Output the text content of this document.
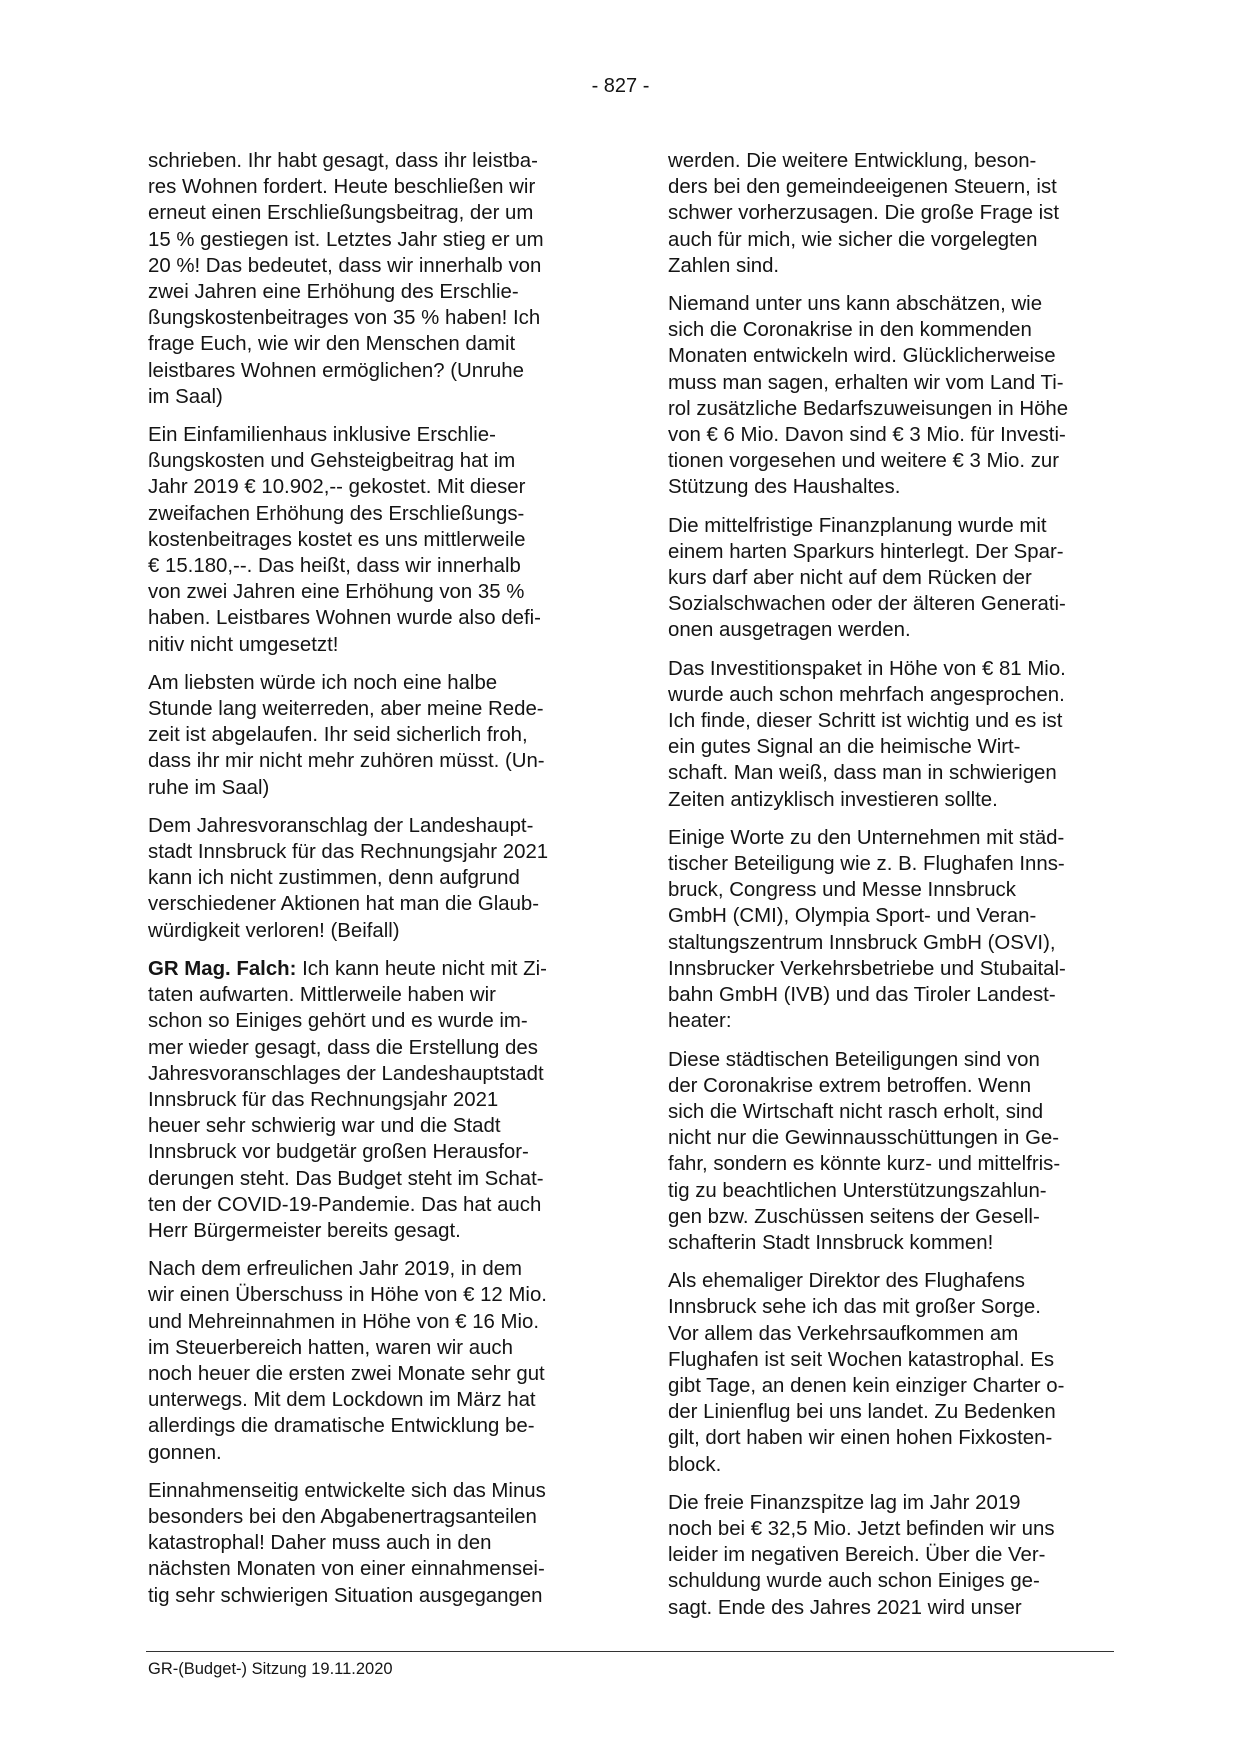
- 827 -

schrieben. Ihr habt gesagt, dass ihr leistba-
res Wohnen fordert. Heute beschließen wir
erneut einen Erschließungsbeitrag, der um
15 % gestiegen ist. Letztes Jahr stieg er um
20 %! Das bedeutet, dass wir innerhalb von
zwei Jahren eine Erhöhung des Erschlie-
ßungskostenbeitrages von 35 % haben! Ich
frage Euch, wie wir den Menschen damit
leistbares Wohnen ermöglichen? (Unruhe
im Saal)

Ein Einfamilienhaus inklusive Erschlie-
ßungskosten und Gehsteigbeitrag hat im
Jahr 2019 € 10.902,-- gekostet. Mit dieser
zweifachen Erhöhung des Erschließungs-
kostenbeitrages kostet es uns mittlerweile
€ 15.180,--. Das heißt, dass wir innerhalb
von zwei Jahren eine Erhöhung von 35 %
haben. Leistbares Wohnen wurde also defi-
nitiv nicht umgesetzt!

Am liebsten würde ich noch eine halbe
Stunde lang weiterreden, aber meine Rede-
zeit ist abgelaufen. Ihr seid sicherlich froh,
dass ihr mir nicht mehr zuhören müsst. (Un-
ruhe im Saal)

Dem Jahresvoranschlag der Landeshaupt-
stadt Innsbruck für das Rechnungsjahr 2021
kann ich nicht zustimmen, denn aufgrund
verschiedener Aktionen hat man die Glaub-
würdigkeit verloren! (Beifall)

GR Mag. Falch: Ich kann heute nicht mit Zi-
taten aufwarten. Mittlerweile haben wir
schon so Einiges gehört und es wurde im-
mer wieder gesagt, dass die Erstellung des
Jahresvoranschlages der Landeshauptstadt
Innsbruck für das Rechnungsjahr 2021
heuer sehr schwierig war und die Stadt
Innsbruck vor budgetär großen Herausfor-
derungen steht. Das Budget steht im Schat-
ten der COVID-19-Pandemie. Das hat auch
Herr Bürgermeister bereits gesagt.

Nach dem erfreulichen Jahr 2019, in dem
wir einen Überschuss in Höhe von € 12 Mio.
und Mehreinnahmen in Höhe von € 16 Mio.
im Steuerbereich hatten, waren wir auch
noch heuer die ersten zwei Monate sehr gut
unterwegs. Mit dem Lockdown im März hat
allerdings die dramatische Entwicklung be-
gonnen.

Einnahmenseitig entwickelte sich das Minus
besonders bei den Abgabenertragsanteilen
katastrophal! Daher muss auch in den
nächsten Monaten von einer einnahmensei-
tig sehr schwierigen Situation ausgegangen

werden. Die weitere Entwicklung, beson-
ders bei den gemeindeeigenen Steuern, ist
schwer vorherzusagen. Die große Frage ist
auch für mich, wie sicher die vorgelegten
Zahlen sind.

Niemand unter uns kann abschätzen, wie
sich die Coronakrise in den kommenden
Monaten entwickeln wird. Glücklicherweise
muss man sagen, erhalten wir vom Land Ti-
rol zusätzliche Bedarfszuweisungen in Höhe
von € 6 Mio. Davon sind € 3 Mio. für Investi-
tionen vorgesehen und weitere € 3 Mio. zur
Stützung des Haushaltes.

Die mittelfristige Finanzplanung wurde mit
einem harten Sparkurs hinterlegt. Der Spar-
kurs darf aber nicht auf dem Rücken der
Sozialschwachen oder der älteren Generati-
onen ausgetragen werden.

Das Investitionspaket in Höhe von € 81 Mio.
wurde auch schon mehrfach angesprochen.
Ich finde, dieser Schritt ist wichtig und es ist
ein gutes Signal an die heimische Wirt-
schaft. Man weiß, dass man in schwierigen
Zeiten antizyklisch investieren sollte.

Einige Worte zu den Unternehmen mit städ-
tischer Beteiligung wie z. B. Flughafen Inns-
bruck, Congress und Messe Innsbruck
GmbH (CMI), Olympia Sport- und Veran-
staltungszentrum Innsbruck GmbH (OSVI),
Innsbrucker Verkehrsbetriebe und Stubaital-
bahn GmbH (IVB) und das Tiroler Landest-
heater:

Diese städtischen Beteiligungen sind von
der Coronakrise extrem betroffen. Wenn
sich die Wirtschaft nicht rasch erholt, sind
nicht nur die Gewinnausschüttungen in Ge-
fahr, sondern es könnte kurz- und mittelfris-
tig zu beachtlichen Unterstützungszahlun-
gen bzw. Zuschüssen seitens der Gesell-
schafterin Stadt Innsbruck kommen!

Als ehemaliger Direktor des Flughafens
Innsbruck sehe ich das mit großer Sorge.
Vor allem das Verkehrsaufkommen am
Flughafen ist seit Wochen katastrophal. Es
gibt Tage, an denen kein einziger Charter o-
der Linienflug bei uns landet. Zu Bedenken
gilt, dort haben wir einen hohen Fixkosten-
block.

Die freie Finanzspitze lag im Jahr 2019
noch bei € 32,5 Mio. Jetzt befinden wir uns
leider im negativen Bereich. Über die Ver-
schuldung wurde auch schon Einiges ge-
sagt. Ende des Jahres 2021 wird unser

GR-(Budget-) Sitzung 19.11.2020
